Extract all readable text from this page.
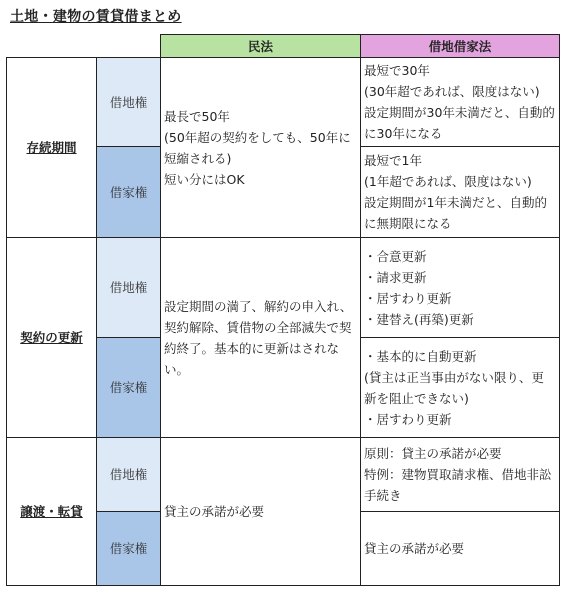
土地・建物の賃貸借まとめ
		民法	借地借家法
存続期間	借地権	最長で50年
(50年超の契約をしても、50年に短縮される)
短い分にはOK	最短で30年
(30年超であれば、限度はない)
設定期間が30年未満だと、自動的に30年になる

	借家権		最短で1年
(1年超であれば、限度はない)
設定期間が1年未満だと、自動的に無期限になる

契約の更新	借地権	設定期間の満了、解約の申入れ、契約解除、賃借物の全部滅失で契約終了。基本的に更新はされない。	・合意更新
・請求更新
・居すわり更新
・建替え(再築)更新

	借家権		・基本的に自動更新
(貸主は正当事由がない限り、更新を阻止できない)
・居すわり更新

譲渡・転貸	借地権	貸主の承諾が必要	原則：貸主の承諾が必要
特例：建物買取請求権、借地非訟手続き

	借家権		貸主の承諾が必要
